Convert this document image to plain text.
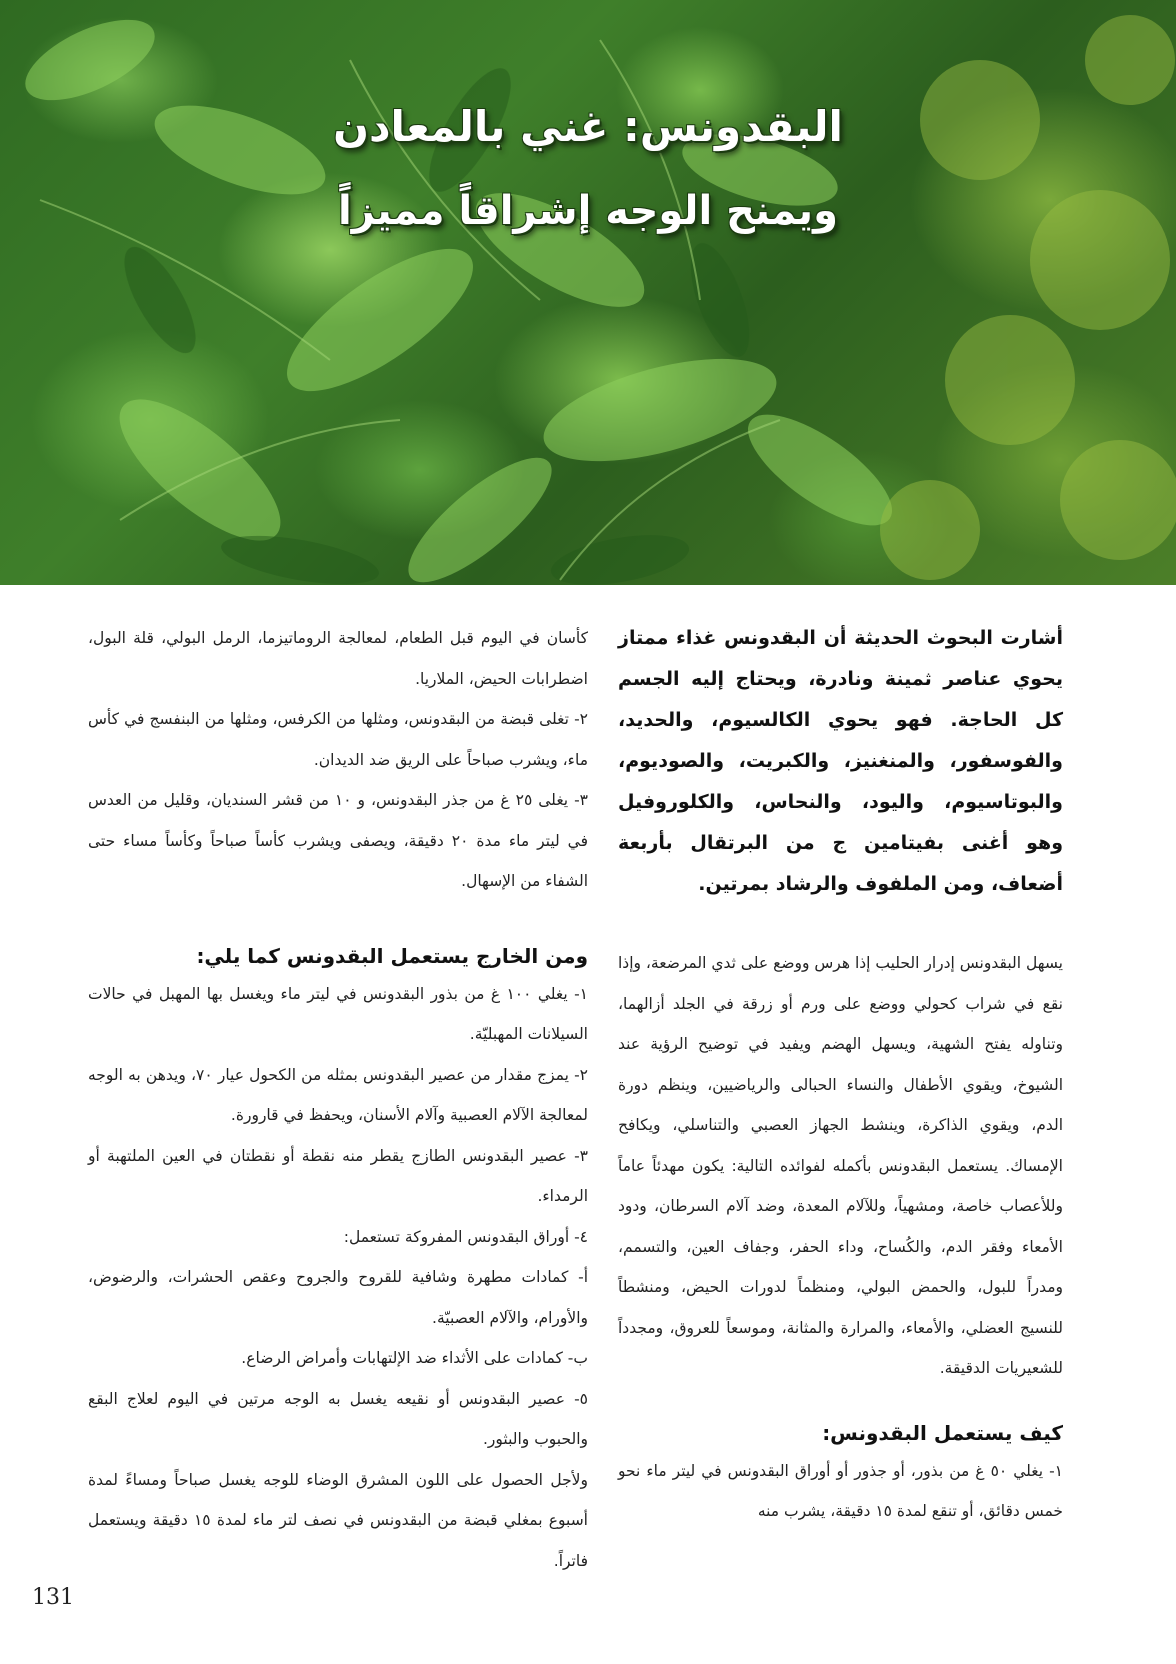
البقدونس: غني بالمعادن
ويمنح الوجه إشراقاً مميزاً

أشارت البحوث الحديثة أن البقدونس غذاء ممتاز يحوي عناصر ثمينة ونادرة، ويحتاج إليه الجسم كل الحاجة. فهو يحوي الكالسيوم، والحديد، والفوسفور، والمنغنيز، والكبريت، والصوديوم، والبوتاسيوم، واليود، والنحاس، والكلوروفيل وهو أغنى بفيتامين ج من البرتقال بأربعة أضعاف، ومن الملفوف والرشاد بمرتين.

يسهل البقدونس إدرار الحليب إذا هرس ووضع على ثدي المرضعة، وإذا نقع في شراب كحولي ووضع على ورم أو زرقة في الجلد أزالهما، وتناوله يفتح الشهية، ويسهل الهضم ويفيد في توضيح الرؤية عند الشيوخ، ويقوي الأطفال والنساء الحبالى والرياضيين، وينظم دورة الدم، ويقوي الذاكرة، وينشط الجهاز العصبي والتناسلي، ويكافح الإمساك. يستعمل البقدونس بأكمله لفوائده التالية: يكون مهدئاً عاماً وللأعصاب خاصة، ومشهياً، وللآلام المعدة، وضد آلام السرطان، ودود الأمعاء وفقر الدم، والكُساح، وداء الحفر، وجفاف العين، والتسمم، ومدراً للبول، والحمض البولي، ومنظماً لدورات الحيض، ومنشطاً للنسيج العضلي، والأمعاء، والمرارة والمثانة، وموسعاً للعروق، ومجدداً للشعيريات الدقيقة.

كيف يستعمل البقدونس:

١- يغلي ٥٠ غ من بذور، أو جذور أو أوراق البقدونس في ليتر ماء نحو خمس دقائق، أو تنقع لمدة ١٥ دقيقة، يشرب منه

كأسان في اليوم قبل الطعام، لمعالجة الروماتيزما، الرمل البولي، قلة البول، اضطرابات الحيض، الملاريا.

٢- تغلى قبضة من البقدونس، ومثلها من الكرفس، ومثلها من البنفسج في كأس ماء، ويشرب صباحاً على الريق ضد الديدان.

٣- يغلى ٢٥ غ من جذر البقدونس، و ١٠ من قشر السنديان، وقليل من العدس في ليتر ماء مدة ٢٠ دقيقة، ويصفى ويشرب كأساً صباحاً وكأساً مساء حتى الشفاء من الإسهال.

ومن الخارج يستعمل البقدونس كما يلي:

١- يغلي ١٠٠ غ من بذور البقدونس في ليتر ماء ويغسل بها المهبل في حالات السيلانات المهبليّة.

٢- يمزج مقدار من عصير البقدونس بمثله من الكحول عيار ٧٠، ويدهن به الوجه لمعالجة الآلام العصبية وآلام الأسنان، ويحفظ في قارورة.

٣- عصير البقدونس الطازج يقطر منه نقطة أو نقطتان في العين الملتهبة أو الرمداء.

٤- أوراق البقدونس المفروكة تستعمل:

أ- كمادات مطهرة وشافية للقروح والجروح وعقص الحشرات، والرضوض، والأورام، والآلام العصبيّة.

ب- كمادات على الأثداء ضد الإلتهابات وأمراض الرضاع.

٥- عصير البقدونس أو نقيعه يغسل به الوجه مرتين في اليوم لعلاج البقع والحبوب والبثور.

ولأجل الحصول على اللون المشرق الوضاء للوجه يغسل صباحاً ومساءً لمدة أسبوع بمغلي قبضة من البقدونس في نصف لتر ماء لمدة ١٥ دقيقة ويستعمل فاتراً.

131
